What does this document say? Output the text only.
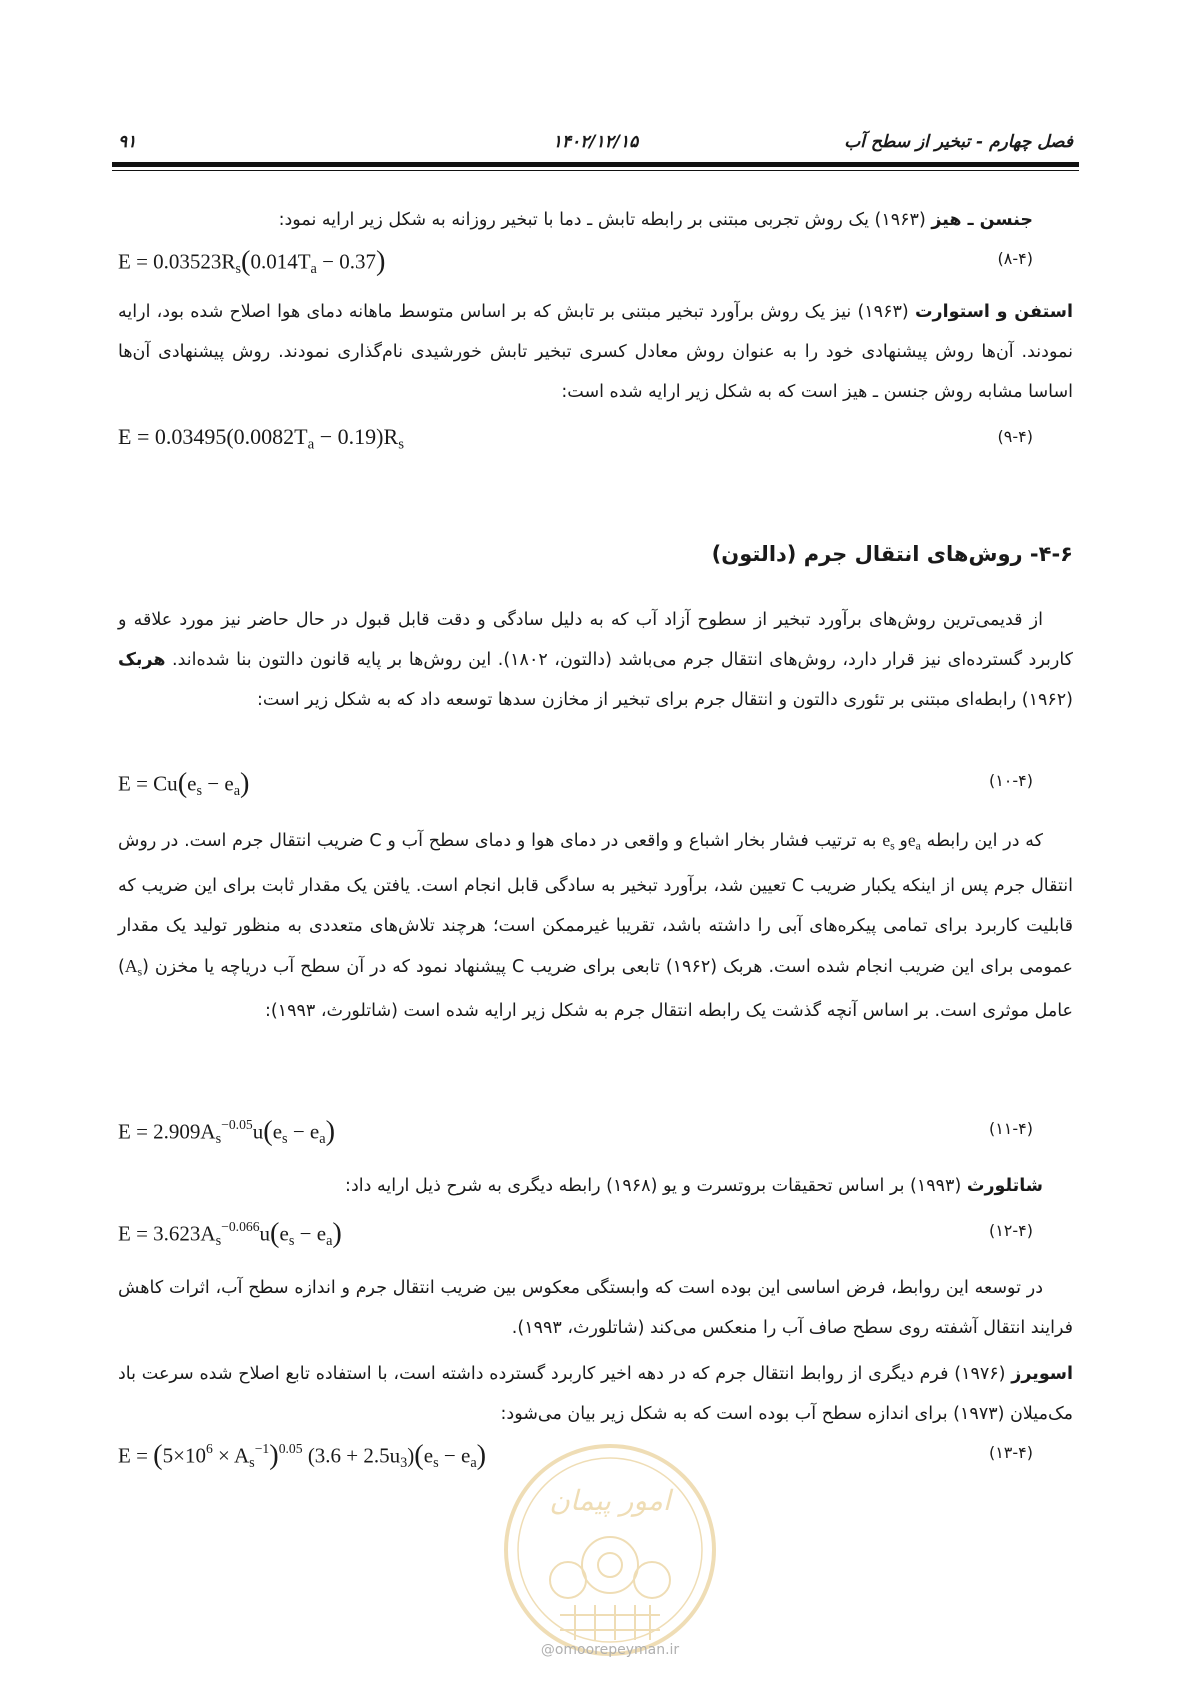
فصل چهارم - تبخیر از سطح آب
۱۴۰۲/۱۲/۱۵
۹۱
جنسن ـ هیز (۱۹۶۳) یک روش تجربی مبتنی بر رابطه تابش ـ دما با تبخیر روزانه به شکل زیر ارایه نمود:
$E = 0.03523R_s(0.014T_a - 0.37)$	(۸-۴)
استفن و استوارت (۱۹۶۳) نیز یک روش برآورد تبخیر مبتنی بر تابش که بر اساس متوسط ماهانه دمای هوا اصلاح شده بود، ارایه نمودند. آن‌ها روش پیشنهادی خود را به عنوان روش معادل کسری تبخیر تابش خورشیدی نام‌گذاری نمودند. روش پیشنهادی آن‌ها اساسا مشابه روش جنسن ـ هیز است که به شکل زیر ارایه شده است:
$E = 0.03495(0.0082T_a - 0.19)R_s$	(۹-۴)
۴-۶- روش‌های انتقال جرم (دالتون)
از قدیمی‌ترین روش‌های برآورد تبخیر از سطوح آزاد آب که به دلیل سادگی و دقت قابل قبول در حال حاضر نیز مورد علاقه و کاربرد گسترده‌ای نیز قرار دارد، روش‌های انتقال جرم می‌باشد (دالتون، ۱۸۰۲). این روش‌ها بر پایه قانون دالتون بنا شده‌اند. هربک (۱۹۶۲) رابطه‌ای مبتنی بر تئوری دالتون و انتقال جرم برای تبخیر از مخازن سدها توسعه داد که به شکل زیر است:
$E = Cu(e_s - e_a)$	(۱۰-۴)
که در این رابطه $e_aو$ $e_s$ به ترتیب فشار بخار اشباع و واقعی در دمای هوا و دمای سطح آب و C ضریب انتقال جرم است. در روش انتقال جرم پس از اینکه یکبار ضریب C تعیین شد، برآورد تبخیر به سادگی قابل انجام است. یافتن یک مقدار ثابت برای این ضریب که قابلیت کاربرد برای تمامی پیکره‌های آبی را داشته باشد، تقریبا غیرممکن است؛ هرچند تلاش‌های متعددی به منظور تولید یک مقدار عمومی برای این ضریب انجام شده است. هربک (۱۹۶۲) تابعی برای ضریب C پیشنهاد نمود که در آن سطح آب دریاچه یا مخزن $(A_s)$ عامل موثری است. بر اساس آنچه گذشت یک رابطه انتقال جرم به شکل زیر ارایه شده است (شاتلورث، ۱۹۹۳):
$E = 2.909A_s^{-0.05}u(e_s - e_a)$	(۱۱-۴)
شاتلورث (۱۹۹۳) بر اساس تحقیقات بروتسرت و یو (۱۹۶۸) رابطه دیگری به شرح ذیل ارایه داد:
$E = 3.623A_s^{-0.066}u(e_s - e_a)$	(۱۲-۴)
در توسعه این روابط، فرض اساسی این بوده است که وابستگی معکوس بین ضریب انتقال جرم و اندازه سطح آب، اثرات کاهش فرایند انتقال آشفته روی سطح صاف آب را منعکس می‌کند (شاتلورث، ۱۹۹۳).
اسویرز (۱۹۷۶) فرم دیگری از روابط انتقال جرم که در دهه اخیر کاربرد گسترده داشته است، با استفاده تابع اصلاح شده سرعت باد مک‌میلان (۱۹۷۳) برای اندازه سطح آب بوده است که به شکل زیر بیان می‌شود:
$E = (5\times 10^6 \times A_s^{-1})^{0.05}$ $(3.6 + 2.5u_3)(e_s - e_a)$	(۱۳-۴)
امور پیمان
@omoorepeyman.ir
